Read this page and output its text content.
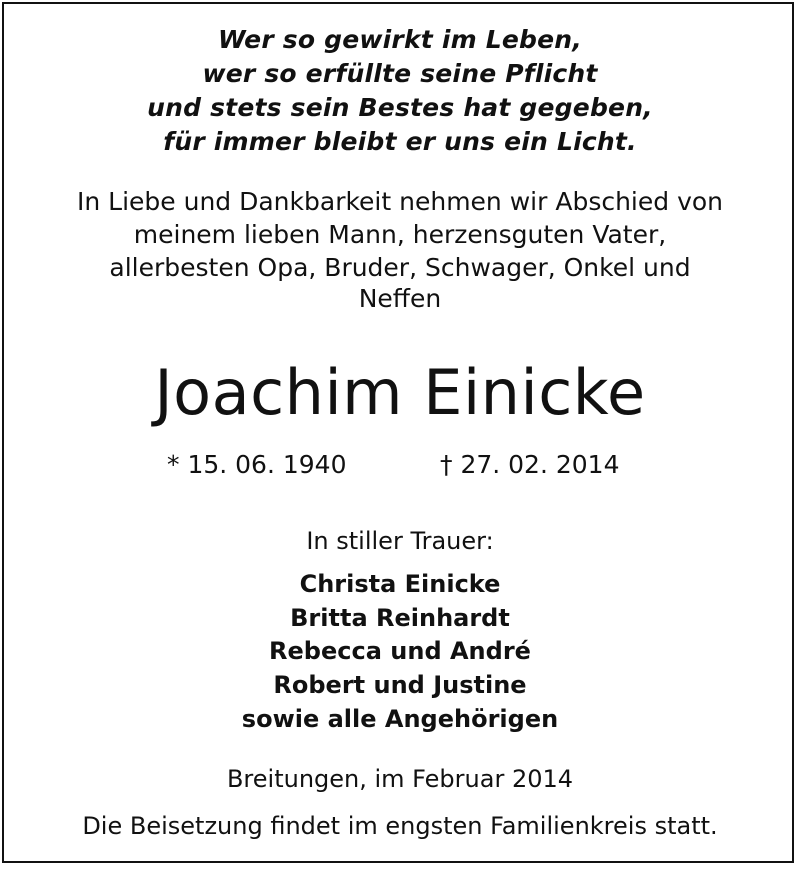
Wer so gewirkt im Leben,
wer so erfüllte seine Pflicht
und stets sein Bestes hat gegeben,
für immer bleibt er uns ein Licht.
In Liebe und Dankbarkeit nehmen wir Abschied von
meinem lieben Mann, herzensguten Vater,
allerbesten Opa, Bruder, Schwager, Onkel und
Neffen
Joachim Einicke
* 15. 06. 1940	† 27. 02. 2014
In stiller Trauer:
Christa Einicke
Britta Reinhardt
Rebecca und André
Robert und Justine
sowie alle Angehörigen
Breitungen, im Februar 2014
Die Beisetzung findet im engsten Familienkreis statt.
